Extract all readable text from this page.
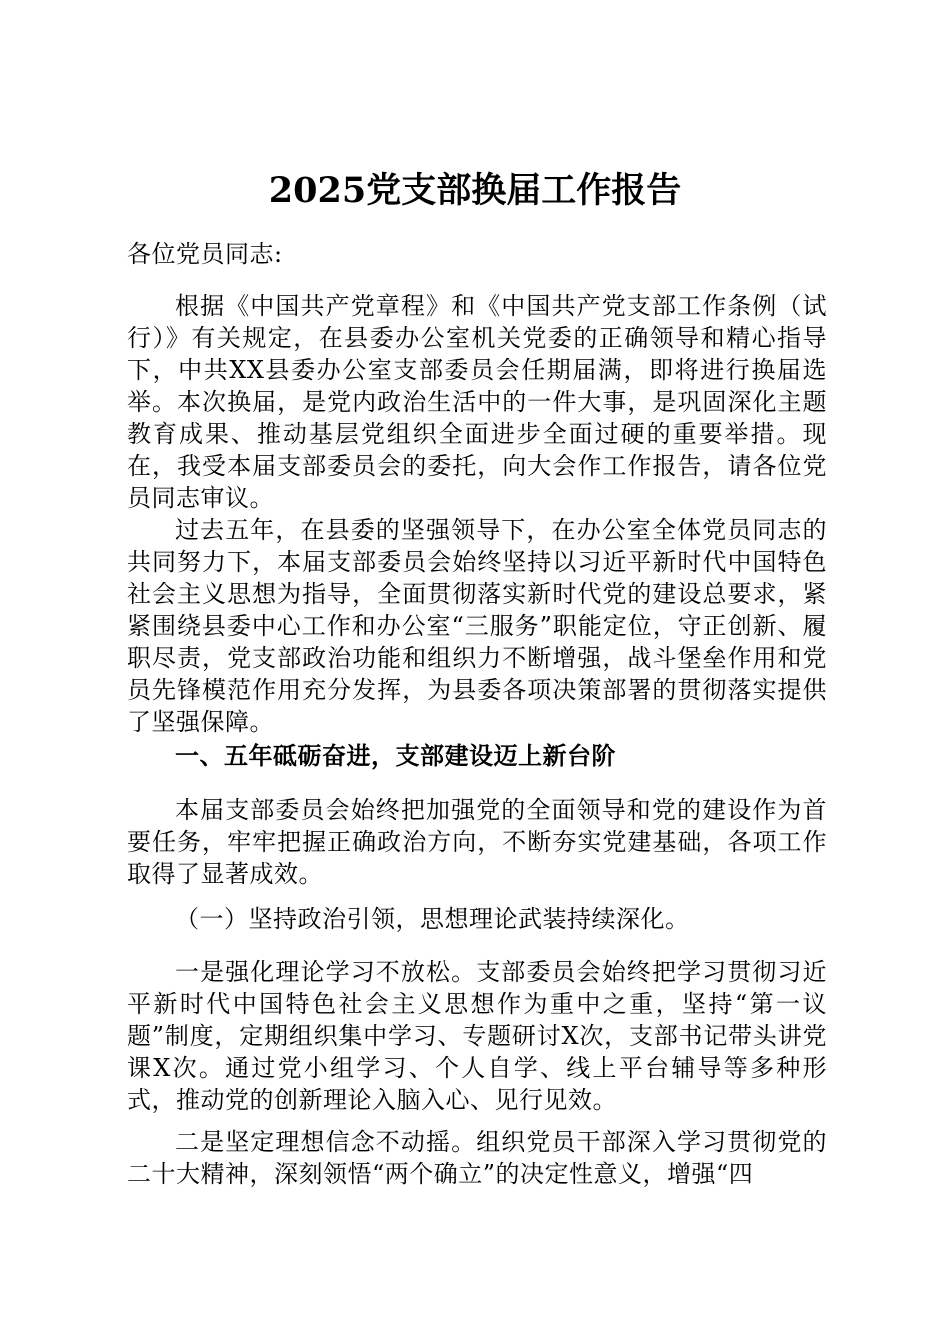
2025党支部换届工作报告

各位党员同志:

根据《中国共产党章程》和《中国共产党支部工作条例（试行）》有关规定，在县委办公室机关党委的正确领导和精心指导下，中共XX县委办公室支部委员会任期届满，即将进行换届选举。本次换届，是党内政治生活中的一件大事，是巩固深化主题教育成果、推动基层党组织全面进步全面过硬的重要举措。现在，我受本届支部委员会的委托，向大会作工作报告，请各位党员同志审议。

过去五年，在县委的坚强领导下，在办公室全体党员同志的共同努力下，本届支部委员会始终坚持以习近平新时代中国特色社会主义思想为指导，全面贯彻落实新时代党的建设总要求，紧紧围绕县委中心工作和办公室“三服务”职能定位，守正创新、履职尽责，党支部政治功能和组织力不断增强，战斗堡垒作用和党员先锋模范作用充分发挥，为县委各项决策部署的贯彻落实提供了坚强保障。

一、五年砥砺奋进，支部建设迈上新台阶

本届支部委员会始终把加强党的全面领导和党的建设作为首要任务，牢牢把握正确政治方向，不断夯实党建基础，各项工作取得了显著成效。

（一）坚持政治引领，思想理论武装持续深化。

一是强化理论学习不放松。支部委员会始终把学习贯彻习近平新时代中国特色社会主义思想作为重中之重，坚持“第一议题”制度，定期组织集中学习、专题研讨X次，支部书记带头讲党课X次。通过党小组学习、个人自学、线上平台辅导等多种形式，推动党的创新理论入脑入心、见行见效。

二是坚定理想信念不动摇。组织党员干部深入学习贯彻党的二十大精神，深刻领悟“两个确立”的决定性意义，增强“四
